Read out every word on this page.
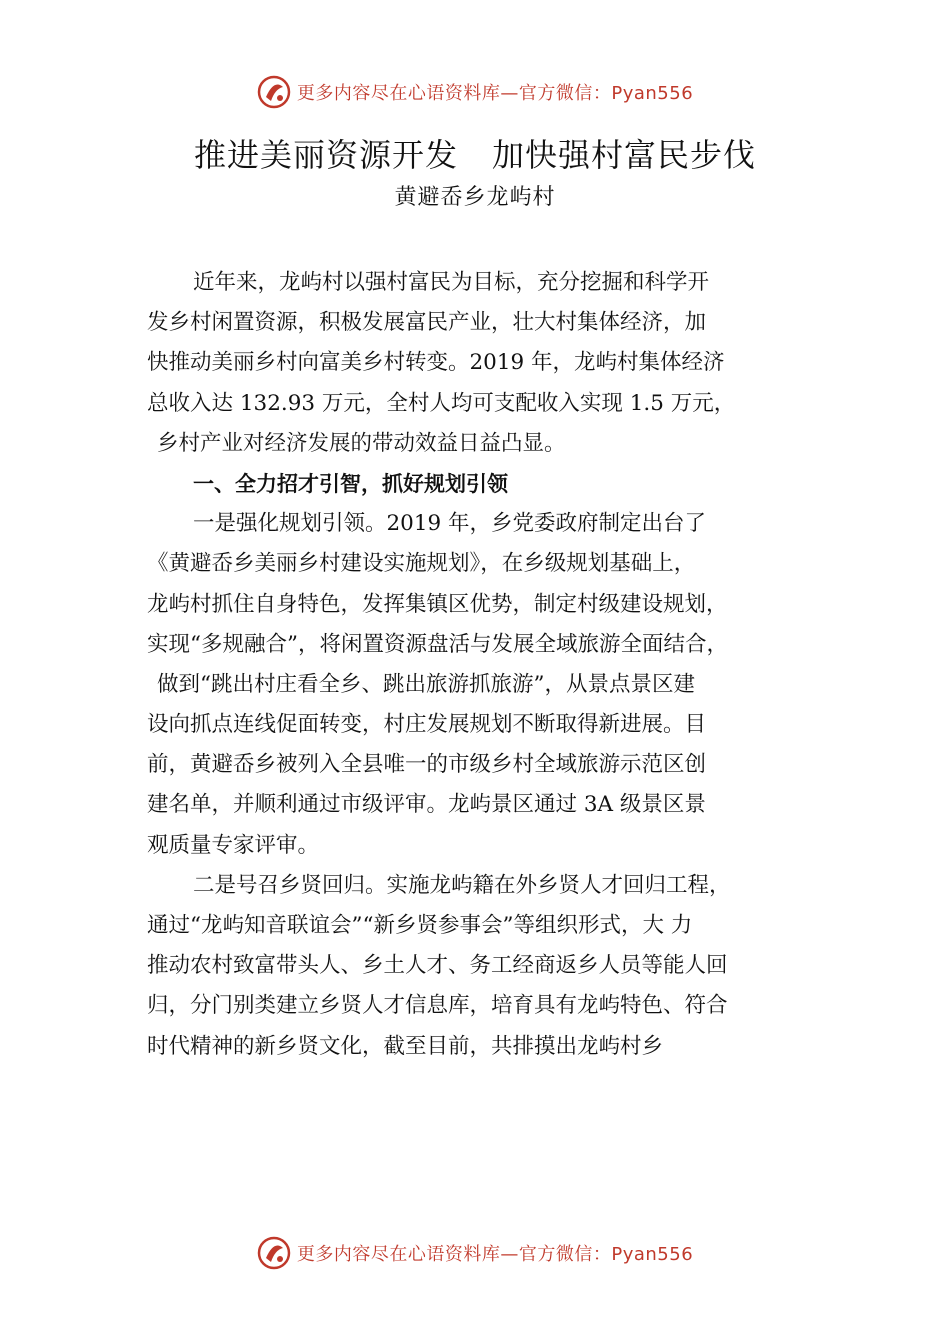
更多内容尽在心语资料库—官方微信：Pyan556
推进美丽资源开发 加快强村富民步伐
黄避岙乡龙屿村
近年来，龙屿村以强村富民为目标，充分挖掘和科学开
发乡村闲置资源，积极发展富民产业，壮大村集体经济，加
快推动美丽乡村向富美乡村转变。2019 年，龙屿村集体经济
总收入达 132.93 万元，全村人均可支配收入实现 1.5 万元，
乡村产业对经济发展的带动效益日益凸显。
一、全力招才引智，抓好规划引领
一是强化规划引领。2019 年，乡党委政府制定出台了
《黄避岙乡美丽乡村建设实施规划》，在乡级规划基础上，
龙屿村抓住自身特色，发挥集镇区优势，制定村级建设规划，
实现“多规融合”，将闲置资源盘活与发展全域旅游全面结合，
做到“跳出村庄看全乡、跳出旅游抓旅游”，从景点景区建
设向抓点连线促面转变，村庄发展规划不断取得新进展。目
前，黄避岙乡被列入全县唯一的市级乡村全域旅游示范区创
建名单，并顺利通过市级评审。龙屿景区通过 3A 级景区景
观质量专家评审。
二是号召乡贤回归。实施龙屿籍在外乡贤人才回归工程，
通过“龙屿知音联谊会”“新乡贤参事会”等组织形式，大 力
推动农村致富带头人、乡土人才、务工经商返乡人员等能人回
归，分门别类建立乡贤人才信息库，培育具有龙屿特色、符合
时代精神的新乡贤文化，截至目前，共排摸出龙屿村乡
更多内容尽在心语资料库—官方微信：Pyan556
